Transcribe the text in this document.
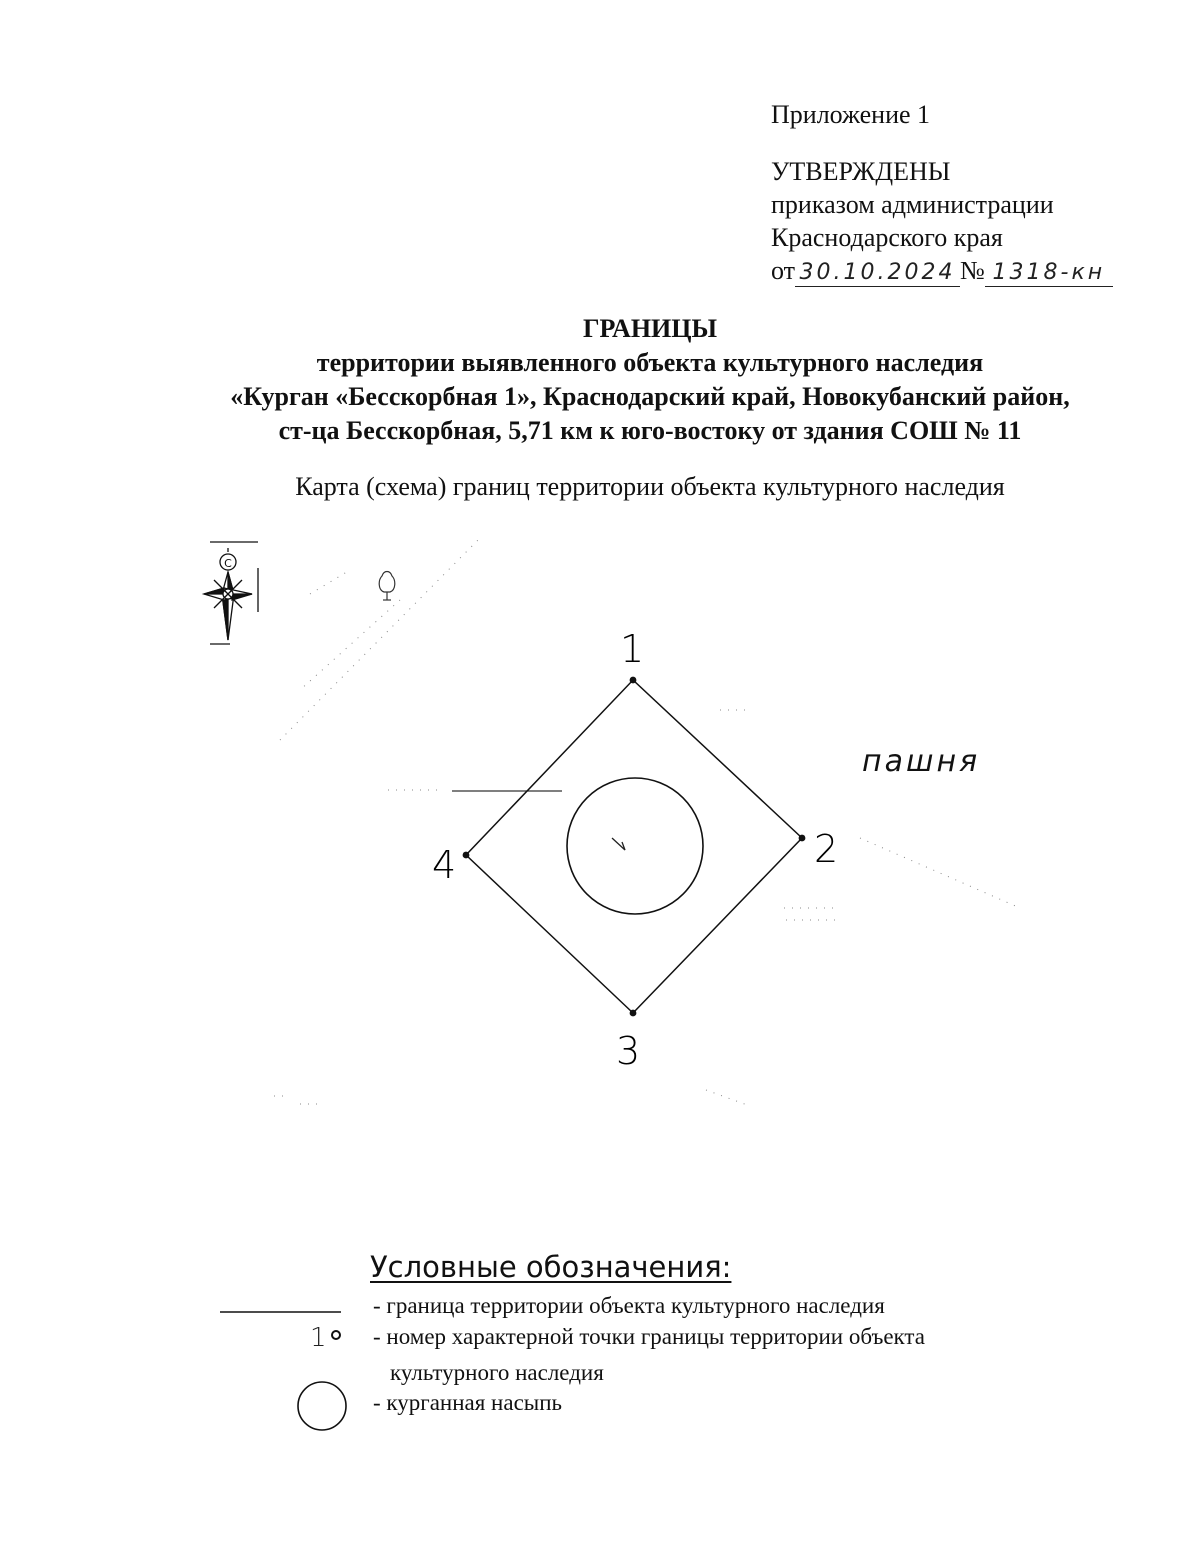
Приложение 1
УТВЕРЖДЕНЫ
приказом администрации
Краснодарского края
от 30.10.2024 № 1318-кн
ГРАНИЦЫ
территории выявленного объекта культурного наследия
«Курган «Бесскорбная 1», Краснодарский край, Новокубанский район,
ст-ца Бесскорбная, 5,71 км к юго-востоку от здания СОШ № 11
Карта (схема) границ территории объекта культурного наследия
С
1
2
3
4
1
пашня
Условные обозначения:
- граница территории объекта культурного наследия
- номер характерной точки границы территории объекта
культурного наследия
- курганная насыпь
